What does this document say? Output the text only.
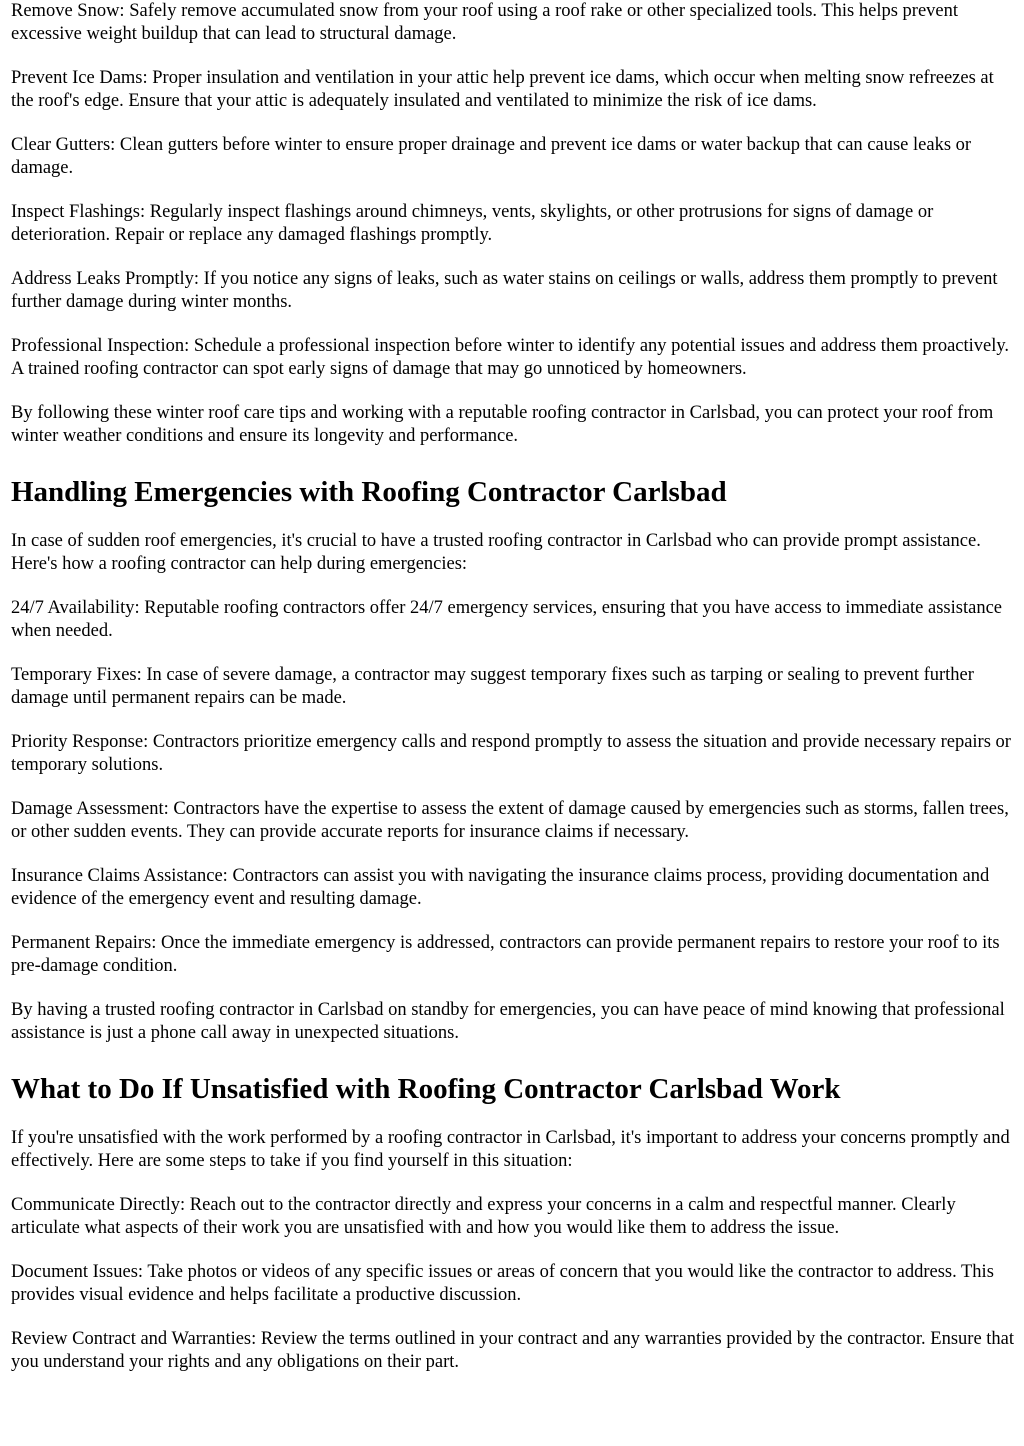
Remove Snow: Safely remove accumulated snow from your roof using a roof rake or other specialized tools. This helps prevent excessive weight buildup that can lead to structural damage.

Prevent Ice Dams: Proper insulation and ventilation in your attic help prevent ice dams, which occur when melting snow refreezes at the roof's edge. Ensure that your attic is adequately insulated and ventilated to minimize the risk of ice dams.

Clear Gutters: Clean gutters before winter to ensure proper drainage and prevent ice dams or water backup that can cause leaks or damage.

Inspect Flashings: Regularly inspect flashings around chimneys, vents, skylights, or other protrusions for signs of damage or deterioration. Repair or replace any damaged flashings promptly.

Address Leaks Promptly: If you notice any signs of leaks, such as water stains on ceilings or walls, address them promptly to prevent further damage during winter months.

Professional Inspection: Schedule a professional inspection before winter to identify any potential issues and address them proactively. A trained roofing contractor can spot early signs of damage that may go unnoticed by homeowners.

By following these winter roof care tips and working with a reputable roofing contractor in Carlsbad, you can protect your roof from winter weather conditions and ensure its longevity and performance.

Handling Emergencies with Roofing Contractor Carlsbad

In case of sudden roof emergencies, it's crucial to have a trusted roofing contractor in Carlsbad who can provide prompt assistance. Here's how a roofing contractor can help during emergencies:

24/7 Availability: Reputable roofing contractors offer 24/7 emergency services, ensuring that you have access to immediate assistance when needed.

Temporary Fixes: In case of severe damage, a contractor may suggest temporary fixes such as tarping or sealing to prevent further damage until permanent repairs can be made.

Priority Response: Contractors prioritize emergency calls and respond promptly to assess the situation and provide necessary repairs or temporary solutions.

Damage Assessment: Contractors have the expertise to assess the extent of damage caused by emergencies such as storms, fallen trees, or other sudden events. They can provide accurate reports for insurance claims if necessary.

Insurance Claims Assistance: Contractors can assist you with navigating the insurance claims process, providing documentation and evidence of the emergency event and resulting damage.

Permanent Repairs: Once the immediate emergency is addressed, contractors can provide permanent repairs to restore your roof to its pre-damage condition.

By having a trusted roofing contractor in Carlsbad on standby for emergencies, you can have peace of mind knowing that professional assistance is just a phone call away in unexpected situations.

What to Do If Unsatisfied with Roofing Contractor Carlsbad Work

If you're unsatisfied with the work performed by a roofing contractor in Carlsbad, it's important to address your concerns promptly and effectively. Here are some steps to take if you find yourself in this situation:

Communicate Directly: Reach out to the contractor directly and express your concerns in a calm and respectful manner. Clearly articulate what aspects of their work you are unsatisfied with and how you would like them to address the issue.

Document Issues: Take photos or videos of any specific issues or areas of concern that you would like the contractor to address. This provides visual evidence and helps facilitate a productive discussion.

Review Contract and Warranties: Review the terms outlined in your contract and any warranties provided by the contractor. Ensure that you understand your rights and any obligations on their part.
